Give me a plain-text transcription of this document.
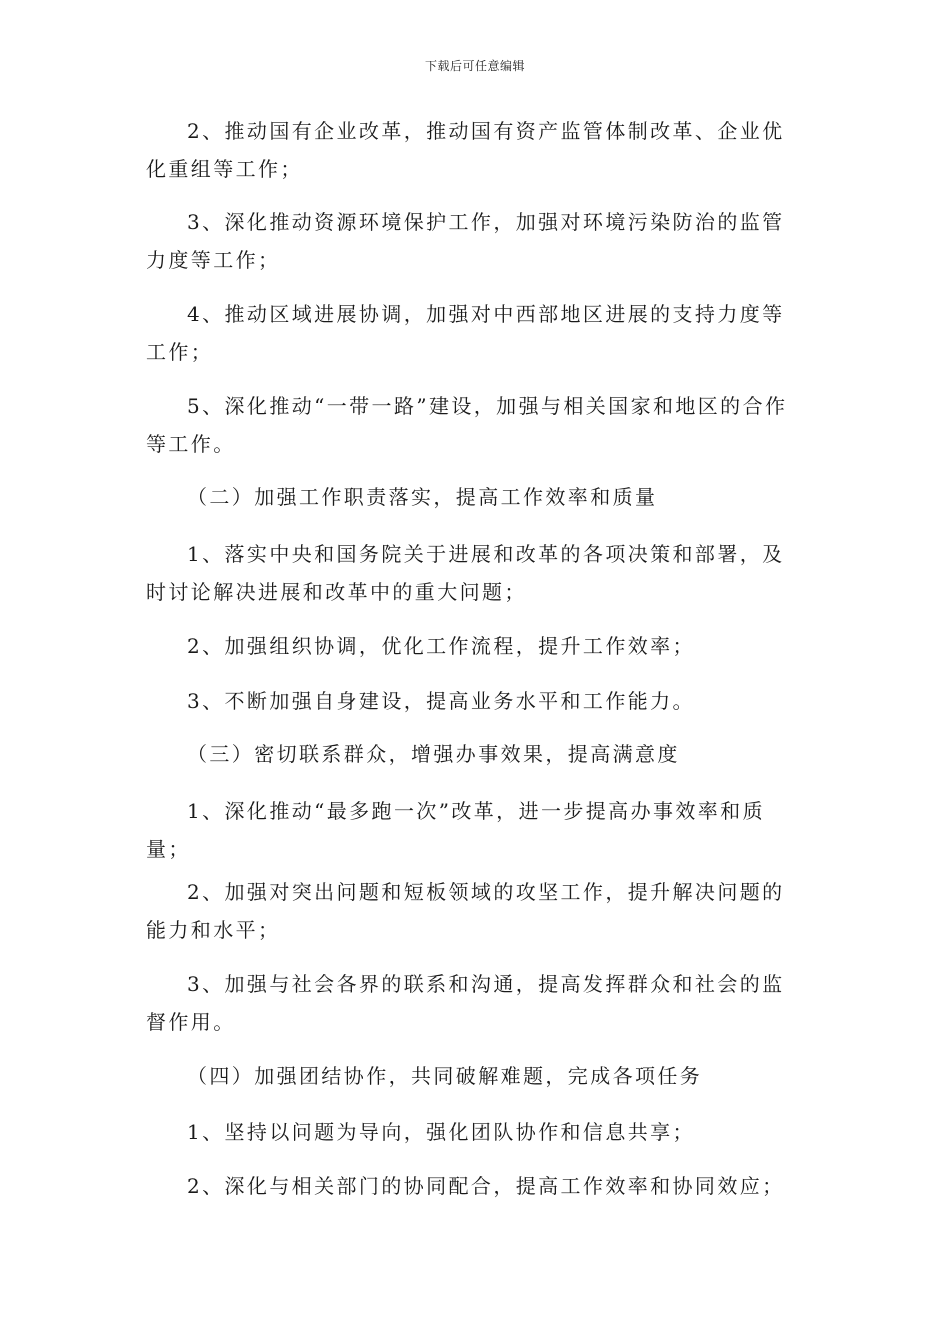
下载后可任意编辑
2、推动国有企业改革，推动国有资产监管体制改革、企业优化重组等工作；
3、深化推动资源环境保护工作，加强对环境污染防治的监管力度等工作；
4、推动区域进展协调，加强对中西部地区进展的支持力度等工作；
5、深化推动“一带一路”建设，加强与相关国家和地区的合作等工作。
（二）加强工作职责落实，提高工作效率和质量
1、落实中央和国务院关于进展和改革的各项决策和部署，及时讨论解决进展和改革中的重大问题；
2、加强组织协调，优化工作流程，提升工作效率；
3、不断加强自身建设，提高业务水平和工作能力。
（三）密切联系群众，增强办事效果，提高满意度
1、深化推动“最多跑一次”改革，进一步提高办事效率和质量；
2、加强对突出问题和短板领域的攻坚工作，提升解决问题的能力和水平；
3、加强与社会各界的联系和沟通，提高发挥群众和社会的监督作用。
（四）加强团结协作，共同破解难题，完成各项任务
1、坚持以问题为导向，强化团队协作和信息共享；
2、深化与相关部门的协同配合，提高工作效率和协同效应；
